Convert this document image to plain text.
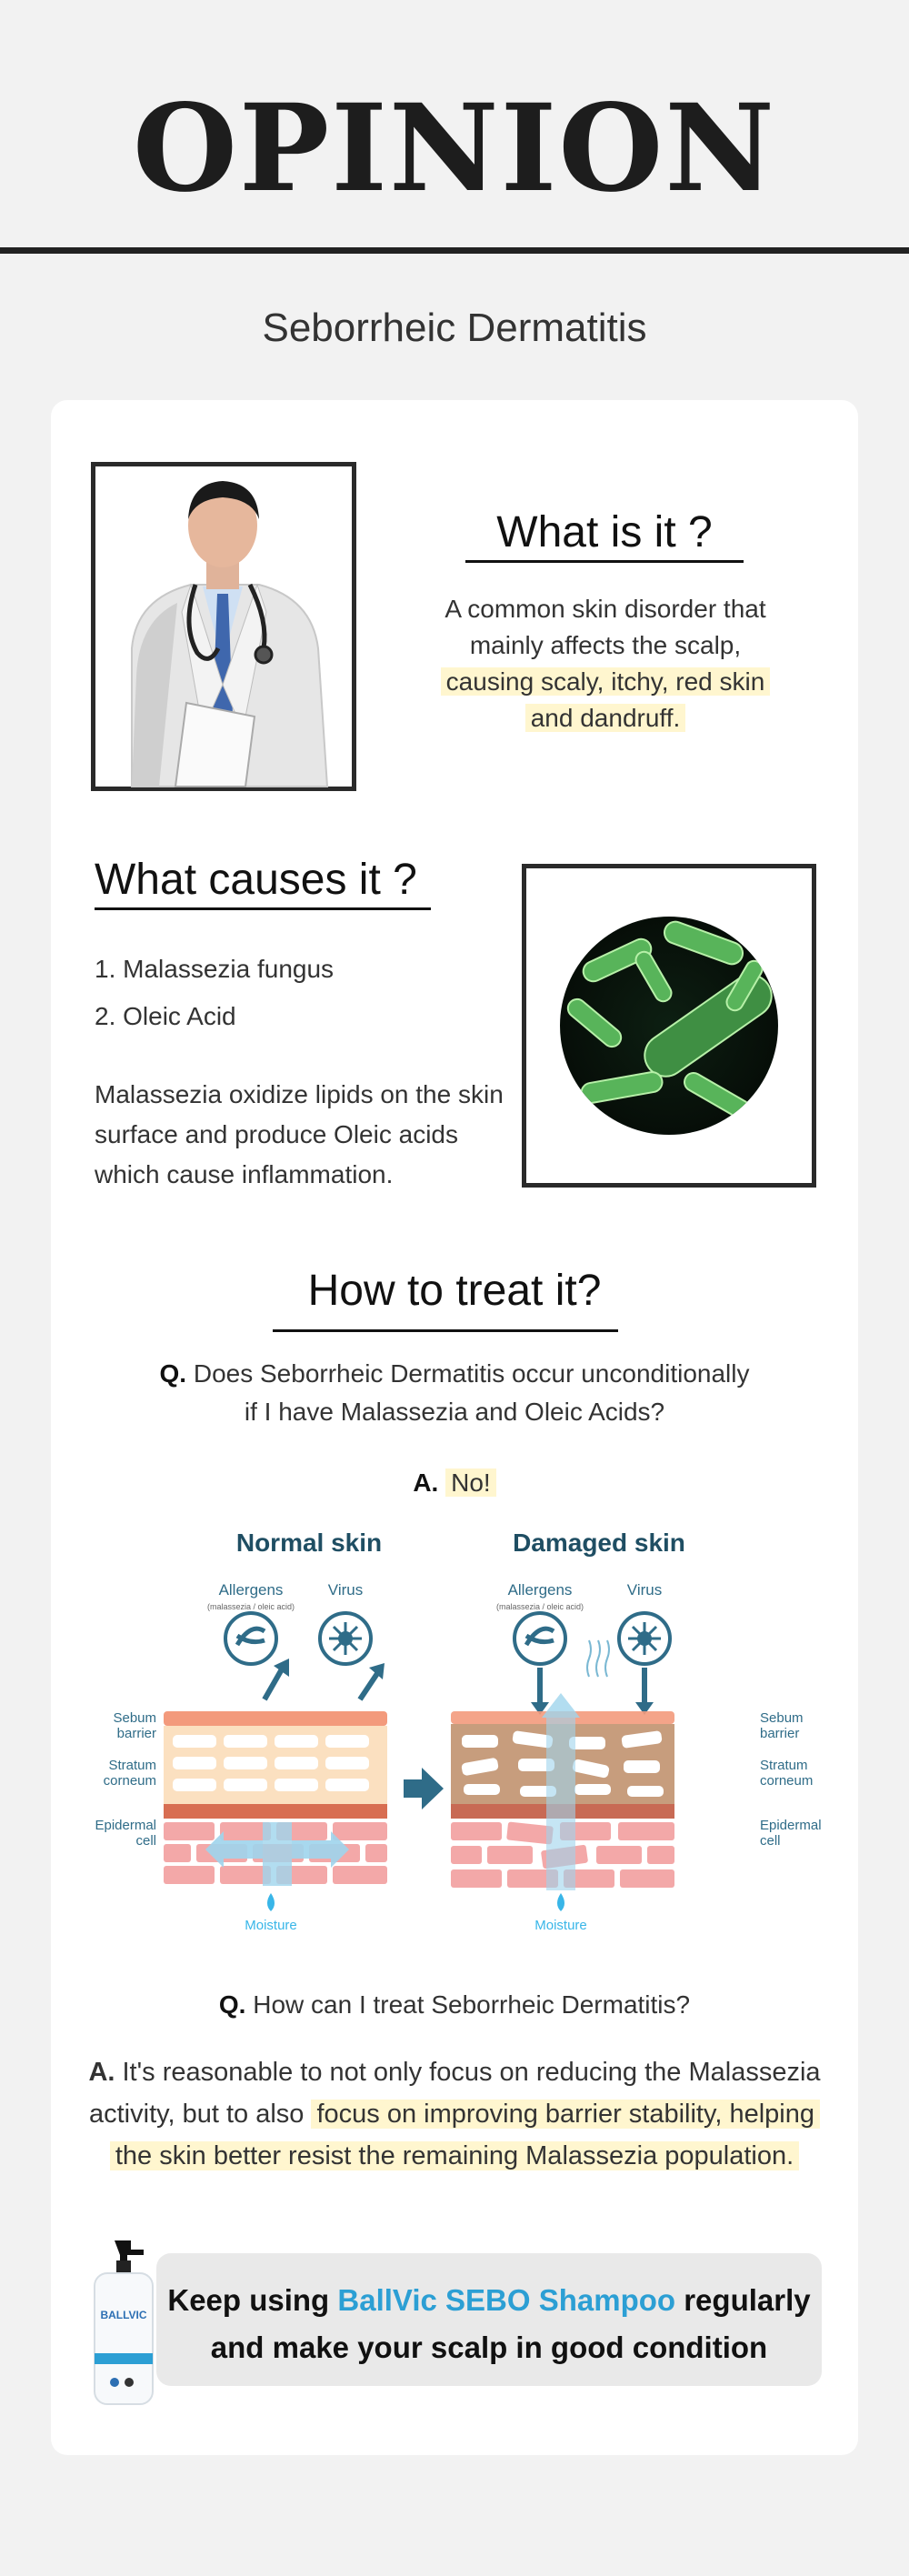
OPINION
Seborrheic Dermatitis
What is it ?
A common skin disorder that
mainly affects the scalp,
causing scaly, itchy, red skin
and dandruff.
What causes it ?
1. Malassezia fungus
2. Oleic Acid
Malassezia oxidize lipids on the skin
surface and produce Oleic acids
which cause inflammation.
How to treat it?
Q. Does Seborrheic Dermatitis occur unconditionally
if I have Malassezia and Oleic Acids?
A. No!
Normal skin	Damaged skin
Allergens
(malassezia / oleic acid)
Virus	Allergens
(malassezia / oleic acid)
Virus
Sebum
barrier
Stratum
corneum
Epidermal
cell
Sebum
barrier
Stratum
corneum
Epidermal
cell
Moisture	Moisture
Q. How can I treat Seborrheic Dermatitis?
A. It's reasonable to not only focus on reducing the Malassezia
activity, but to also focus on improving barrier stability, helping
the skin better resist the remaining Malassezia population.
Keep using BallVic SEBO Shampoo regularly
and make your scalp in good condition
BALLVIC
